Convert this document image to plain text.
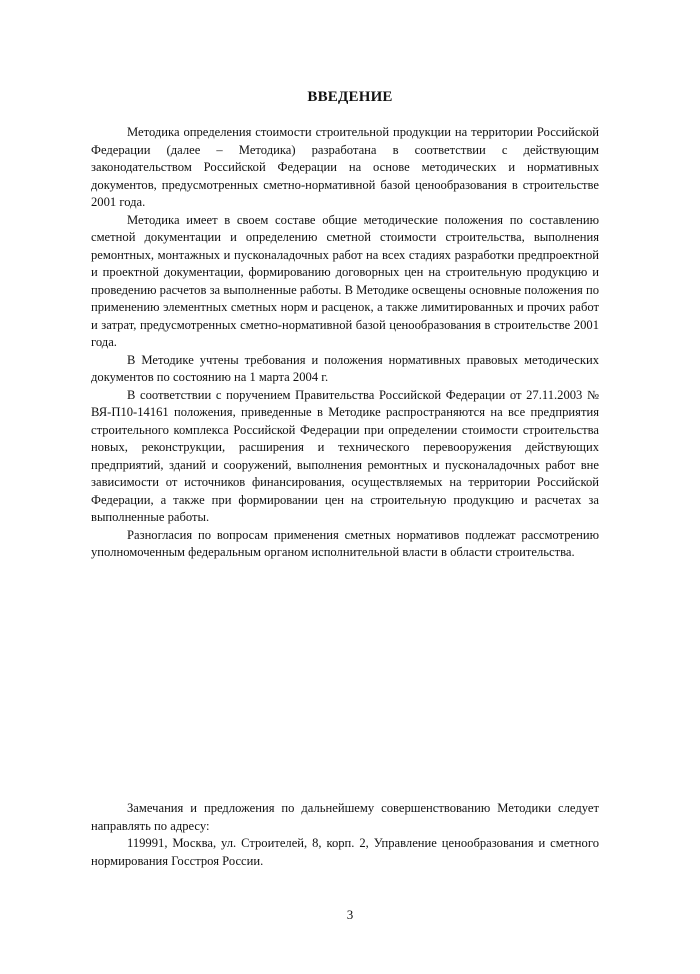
ВВЕДЕНИЕ

Методика определения стоимости строительной продукции на территории Российской Федерации (далее – Методика) разработана в соответствии с действующим законодательством Российской Федерации на основе методических и нормативных документов, предусмотренных сметно-нормативной базой ценообразования в строительстве 2001 года.

Методика имеет в своем составе общие методические положения по составлению сметной документации и определению сметной стоимости строительства, выполнения ремонтных, монтажных и пусконаладочных работ на всех стадиях разработки предпроектной и проектной документации, формированию договорных цен на строительную продукцию и проведению расчетов за выполненные работы. В Методике освещены основные положения по применению элементных сметных норм и расценок, а также лимитированных и прочих работ и затрат, предусмотренных сметно-нормативной базой ценообразования в строительстве 2001 года.

В Методике учтены требования и положения нормативных правовых методических документов по состоянию на 1 марта 2004 г.

В соответствии с поручением Правительства Российской Федерации от 27.11.2003 № ВЯ-П10-14161 положения, приведенные в Методике распространяются на все предприятия строительного комплекса Российской Федерации при определении стоимости строительства новых, реконструкции, расширения и технического перевооружения действующих предприятий, зданий и сооружений, выполнения ремонтных и пусконаладочных работ вне зависимости от источников финансирования, осуществляемых на территории Российской Федерации, а также при формировании цен на строительную продукцию и расчетах за выполненные работы.

Разногласия по вопросам применения сметных нормативов подлежат рассмотрению уполномоченным федеральным органом исполнительной власти в области строительства.

Замечания и предложения по дальнейшему совершенствованию Методики следует направлять по адресу:

119991, Москва, ул. Строителей, 8, корп. 2, Управление ценообразования и сметного нормирования Госстроя России.

3
